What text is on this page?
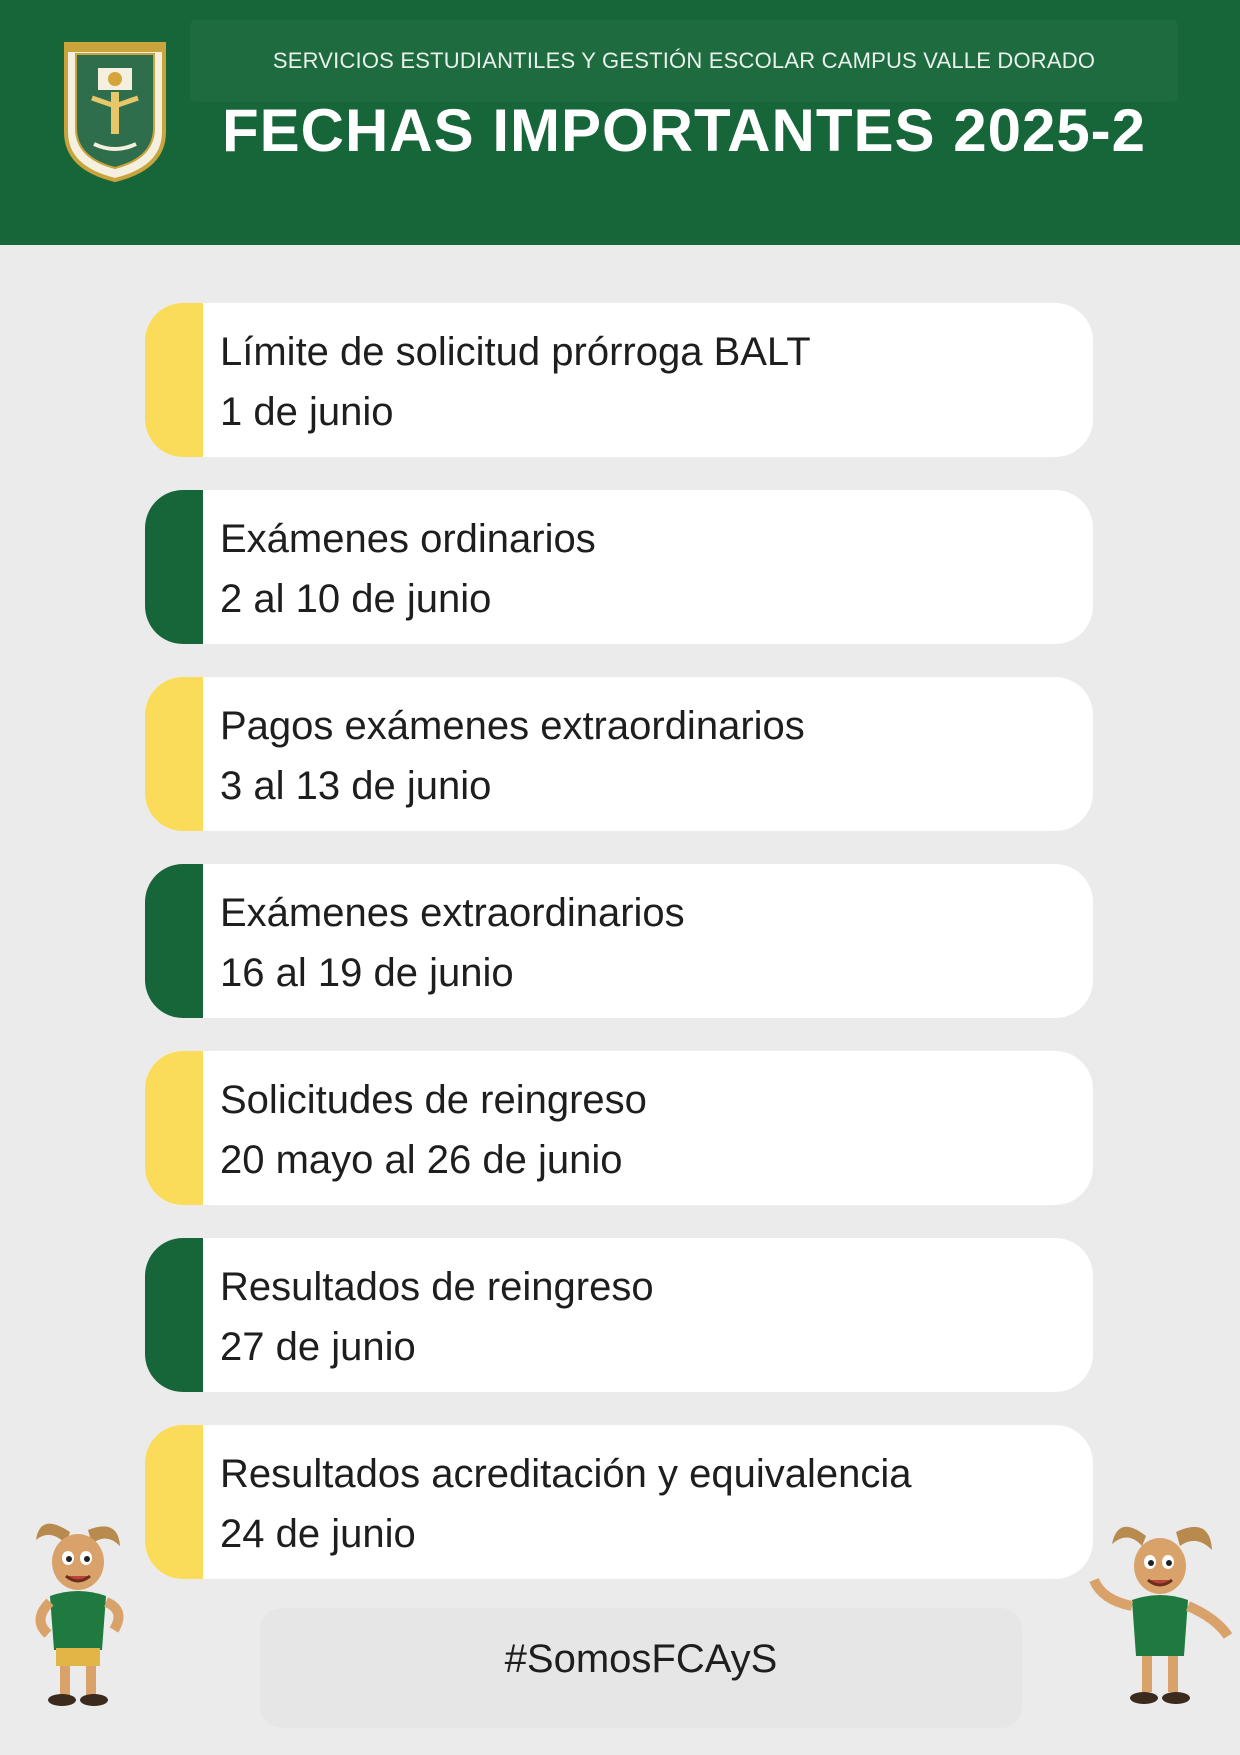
SERVICIOS ESTUDIANTILES Y GESTIÓN ESCOLAR CAMPUS VALLE DORADO
FECHAS IMPORTANTES 2025-2
Límite de solicitud prórroga BALT
1 de junio
Exámenes ordinarios
2 al 10 de junio
Pagos exámenes extraordinarios
3 al 13 de junio
Exámenes extraordinarios
16 al 19 de junio
Solicitudes de reingreso
20 mayo al 26 de junio
Resultados de reingreso
27 de junio
Resultados acreditación y equivalencia
24 de junio
#SomosFCAyS
